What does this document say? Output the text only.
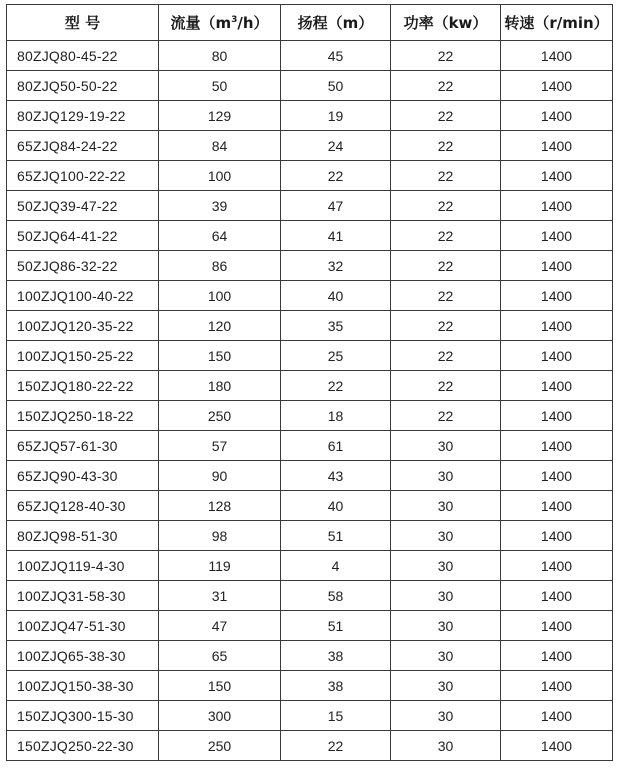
型 号	流量$(m^3/h)$	扬程（m）	功率（kw）	转速（r/min）
80ZJQ80-45-22	80	45	22	1400
80ZJQ50-50-22	50	50	22	1400
80ZJQ129-19-22	129	19	22	1400
65ZJQ84-24-22	84	24	22	1400
65ZJQ100-22-22	100	22	22	1400
50ZJQ39-47-22	39	47	22	1400
50ZJQ64-41-22	64	41	22	1400
50ZJQ86-32-22	86	32	22	1400
100ZJQ100-40-22	100	40	22	1400
100ZJQ120-35-22	120	35	22	1400
100ZJQ150-25-22	150	25	22	1400
150ZJQ180-22-22	180	22	22	1400
150ZJQ250-18-22	250	18	22	1400
65ZJQ57-61-30	57	61	30	1400
65ZJQ90-43-30	90	43	30	1400
65ZJQ128-40-30	128	40	30	1400
80ZJQ98-51-30	98	51	30	1400
100ZJQ119-4-30	119	4	30	1400
100ZJQ31-58-30	31	58	30	1400
100ZJQ47-51-30	47	51	30	1400
100ZJQ65-38-30	65	38	30	1400
100ZJQ150-38-30	150	38	30	1400
150ZJQ300-15-30	300	15	30	1400
150ZJQ250-22-30	250	22	30	1400
